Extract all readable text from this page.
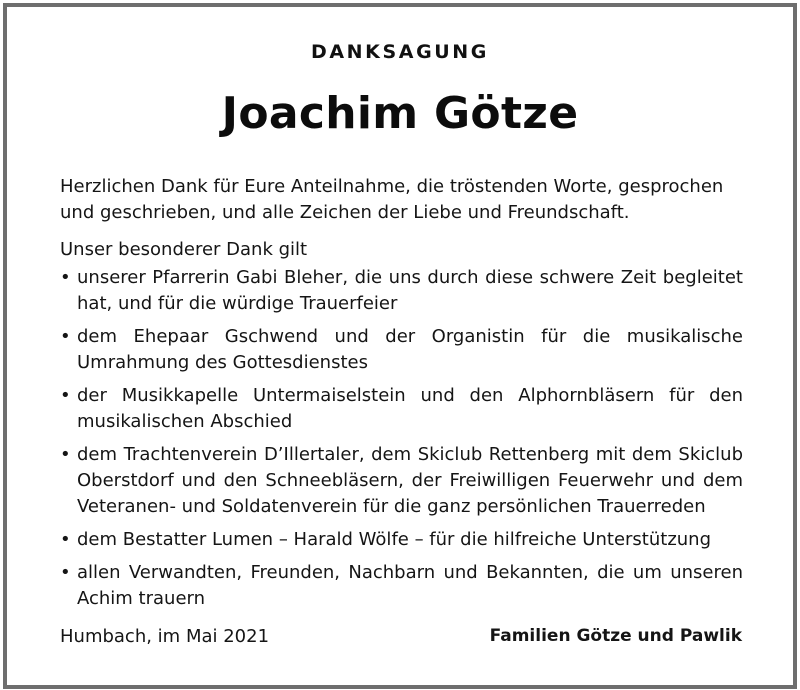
DANKSAGUNG
Joachim Götze

Herzlichen Dank für Eure Anteilnahme, die tröstenden Worte, gesprochen und geschrieben, und alle Zeichen der Liebe und Freundschaft.

Unser besonderer Dank gilt

• unserer Pfarrerin Gabi Bleher, die uns durch diese schwere Zeit begleitet hat, und für die würdige Trauerfeier
• dem Ehepaar Gschwend und der Organistin für die musikalische Umrahmung des Gottesdienstes
• der Musikkapelle Untermaiselstein und den Alphornbläsern für den musikalischen Abschied
• dem Trachtenverein D’Illertaler, dem Skiclub Rettenberg mit dem Skiclub Oberstdorf und den Schneebläsern, der Freiwilligen Feuerwehr und dem Veteranen- und Soldatenverein für die ganz persönlichen Trauerreden
• dem Bestatter Lumen – Harald Wölfe – für die hilfreiche Unterstützung
• allen Verwandten, Freunden, Nachbarn und Bekannten, die um unseren Achim trauern
Humbach, im Mai 2021	Familien Götze und Pawlik
